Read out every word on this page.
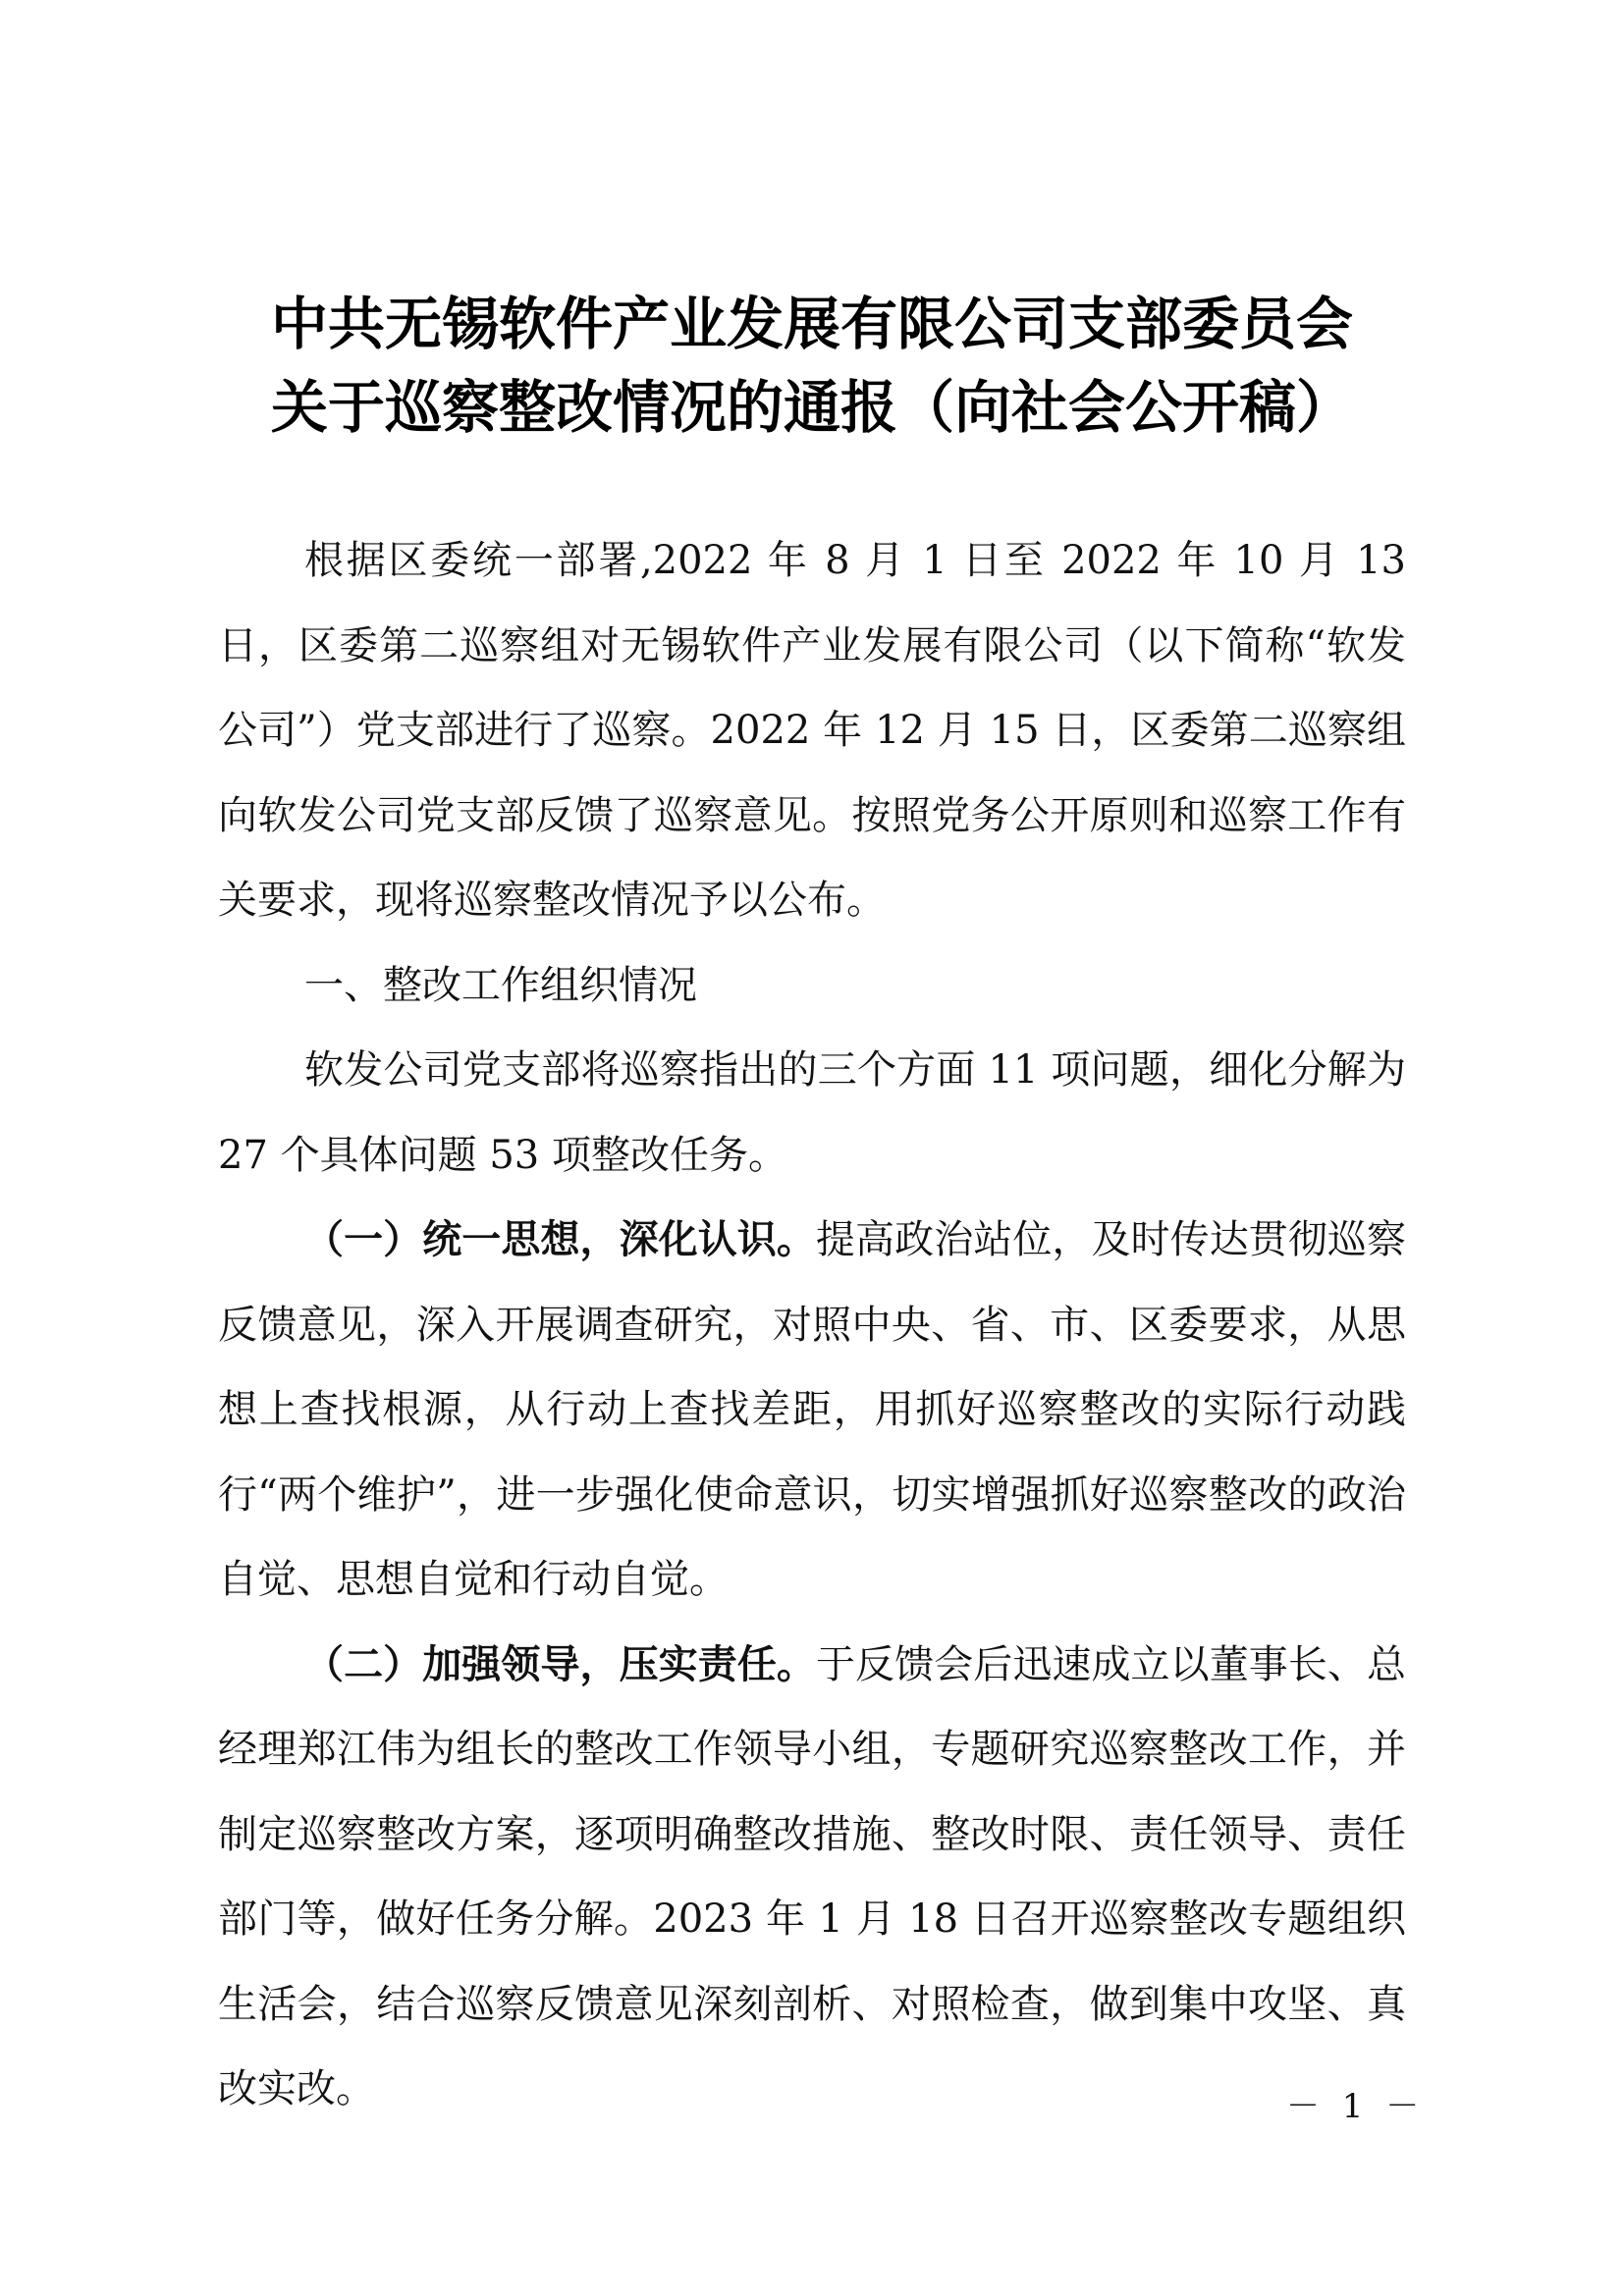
中共无锡软件产业发展有限公司支部委员会
关于巡察整改情况的通报（向社会公开稿）

根据区委统一部署,2022 年 8 月 1 日至 2022 年 10 月 13 日，区委第二巡察组对无锡软件产业发展有限公司（以下简称“软发公司”）党支部进行了巡察。2022 年 12 月 15 日，区委第二巡察组向软发公司党支部反馈了巡察意见。按照党务公开原则和巡察工作有关要求，现将巡察整改情况予以公布。

一、整改工作组织情况

软发公司党支部将巡察指出的三个方面 11 项问题，细化分解为 27 个具体问题 53 项整改任务。

（一）统一思想，深化认识。提高政治站位，及时传达贯彻巡察反馈意见，深入开展调查研究，对照中央、省、市、区委要求，从思想上查找根源，从行动上查找差距，用抓好巡察整改的实际行动践行“两个维护”，进一步强化使命意识，切实增强抓好巡察整改的政治自觉、思想自觉和行动自觉。

（二）加强领导，压实责任。于反馈会后迅速成立以董事长、总经理郑江伟为组长的整改工作领导小组，专题研究巡察整改工作，并制定巡察整改方案，逐项明确整改措施、整改时限、责任领导、责任部门等，做好任务分解。2023 年 1 月 18 日召开巡察整改专题组织生活会，结合巡察反馈意见深刻剖析、对照检查，做到集中攻坚、真改实改。	－ 1 －
